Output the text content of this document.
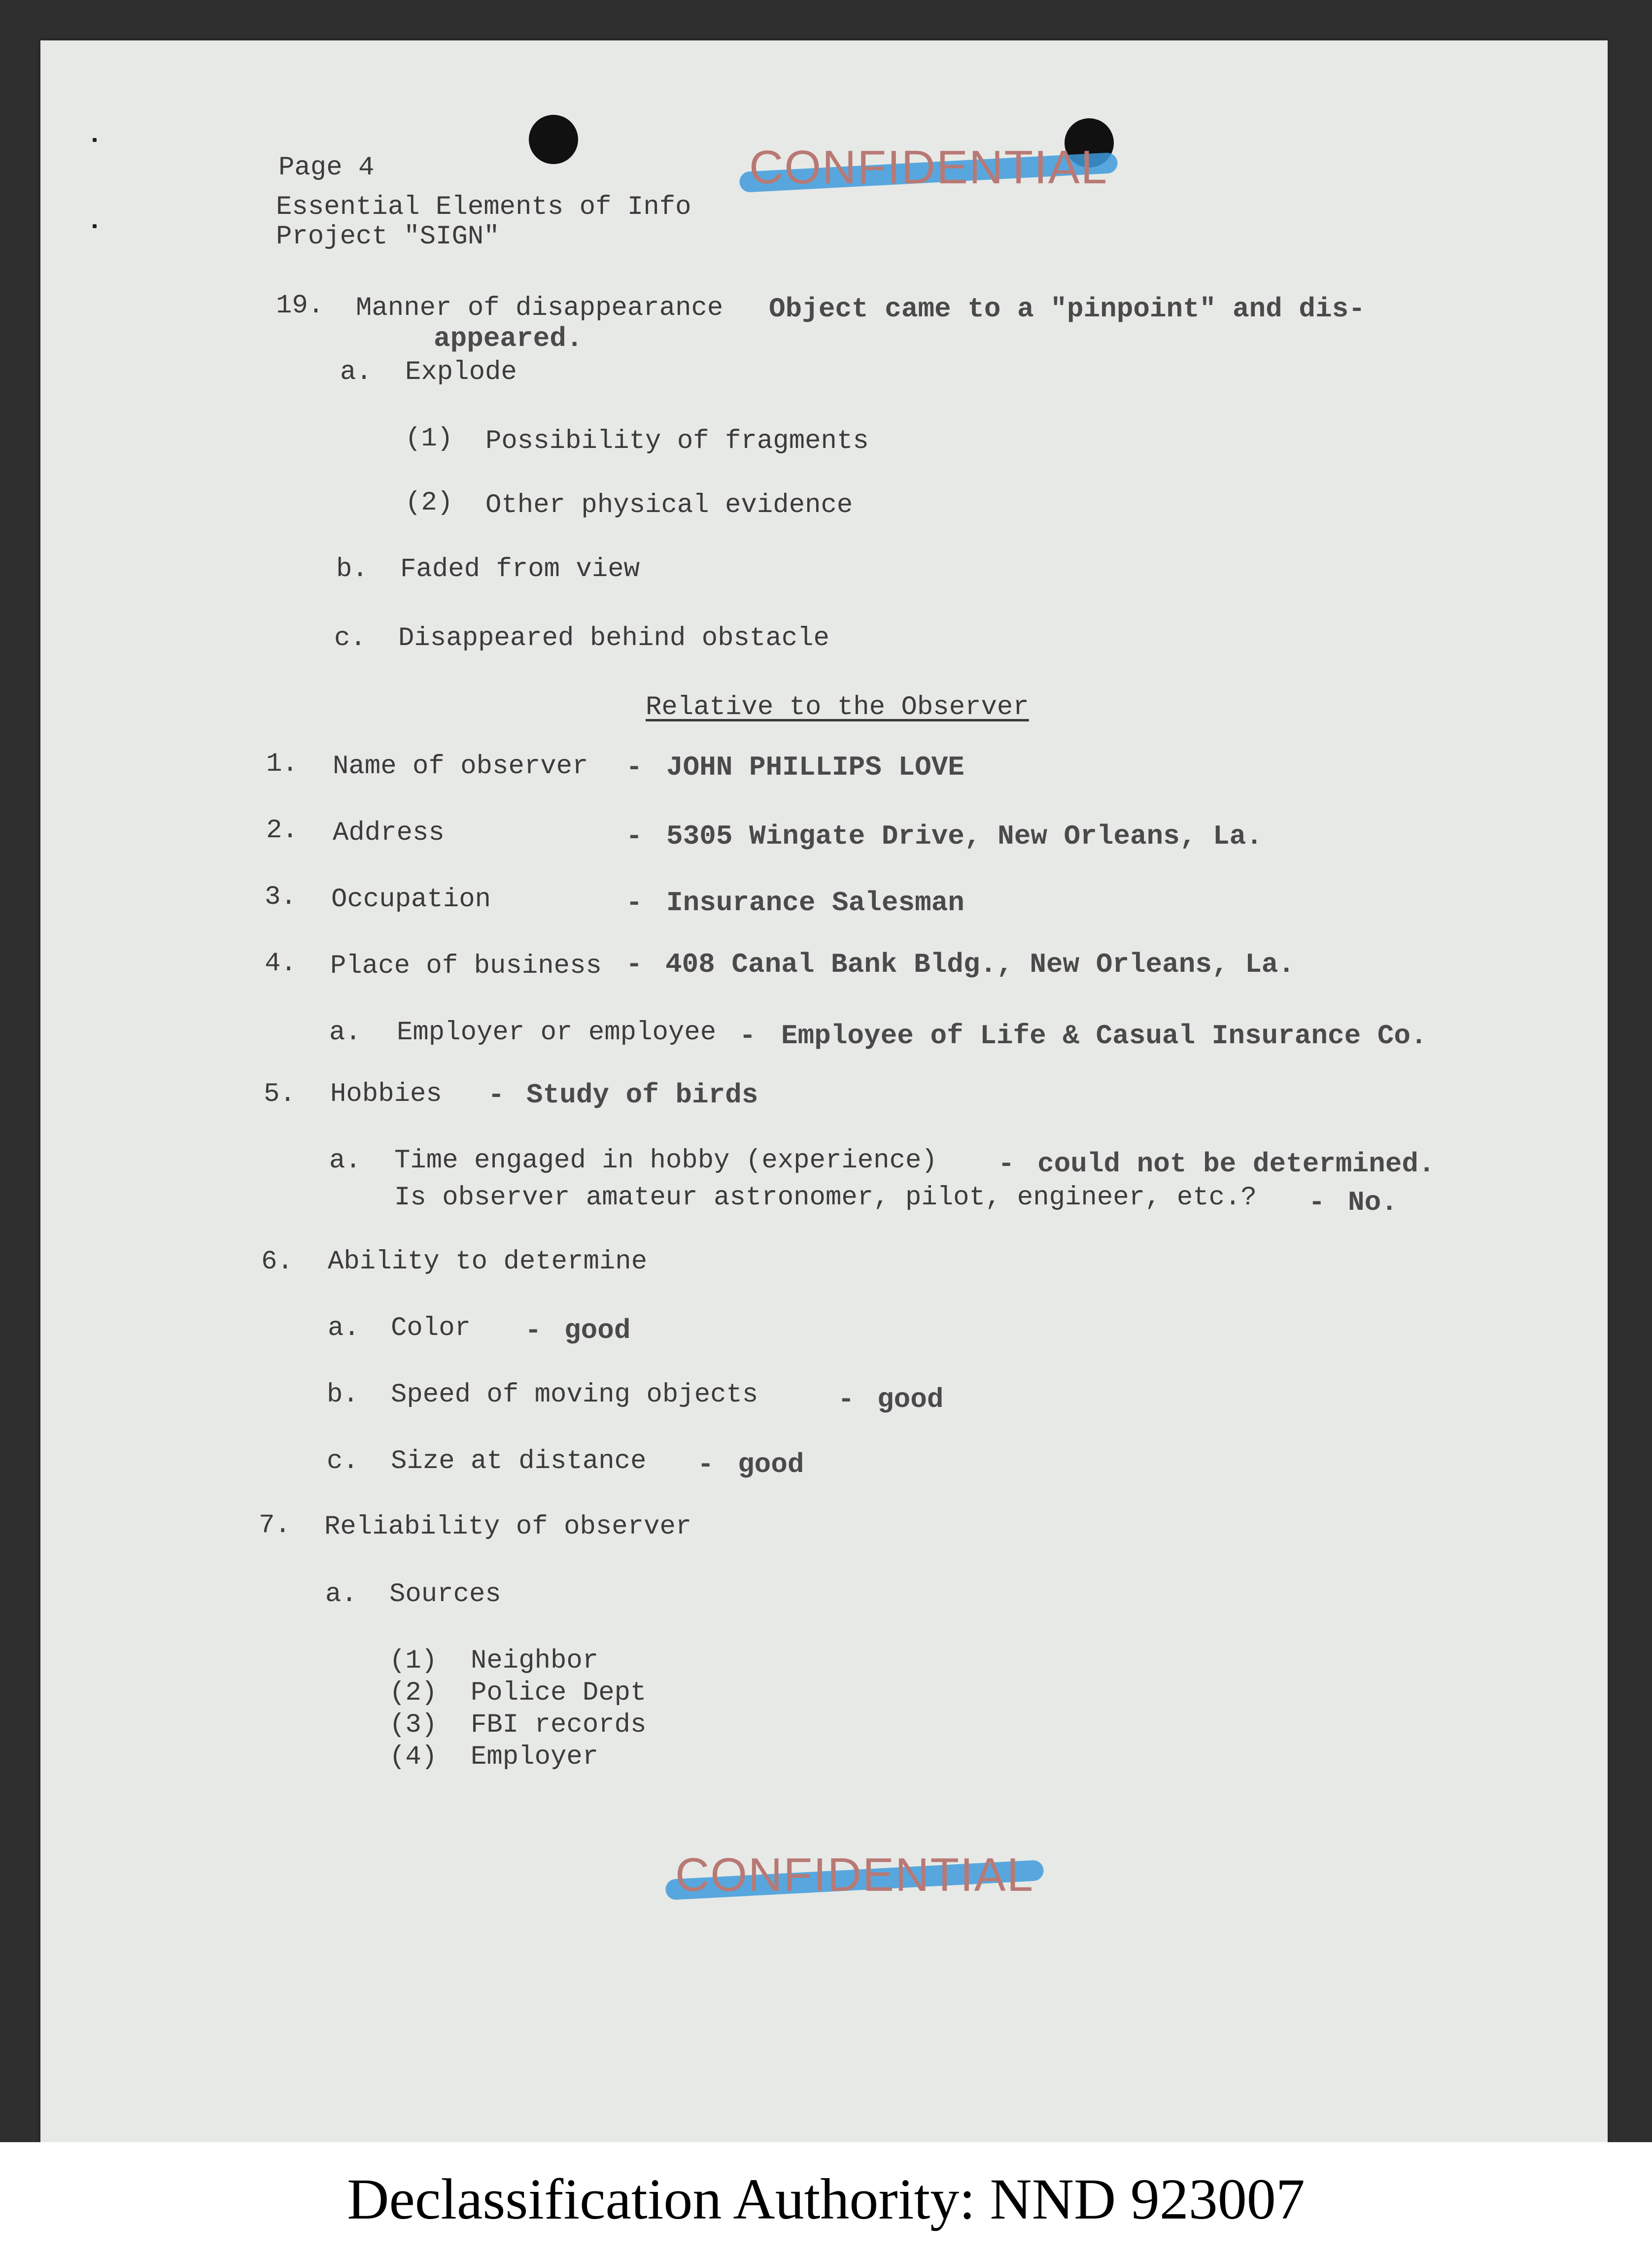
CONFIDENTIAL
CONFIDENTIAL
Page 4
Essential Elements of Info
Project "SIGN"
19. Manner of disappearance Object came to a "pinpoint" and dis-
appeared.
a. Explode
(1) Possibility of fragments
(2) Other physical evidence
b. Faded from view
c. Disappeared behind obstacle
Relative to the Observer
1. Name of observer - JOHN PHILLIPS LOVE
2. Address	- 5305 Wingate Drive, New Orleans, La.
3. Occupation	- Insurance Salesman
4. Place of business - 408 Canal Bank Bldg., New Orleans, La.
a. Employer or employee - Employee of Life & Casual Insurance Co.
5. Hobbies - Study of birds
a. Time engaged in hobby (experience) - could not be determined.
Is observer amateur astronomer, pilot, engineer, etc.? - No.
6. Ability to determine
a. Color - good
b. Speed of moving objects	- good
c. Size at distance - good
7. Reliability of observer
a. Sources
(1) Neighbor
(2) Police Dept
(3) FBI records
(4) Employer
Declassification Authority: NND 923007
